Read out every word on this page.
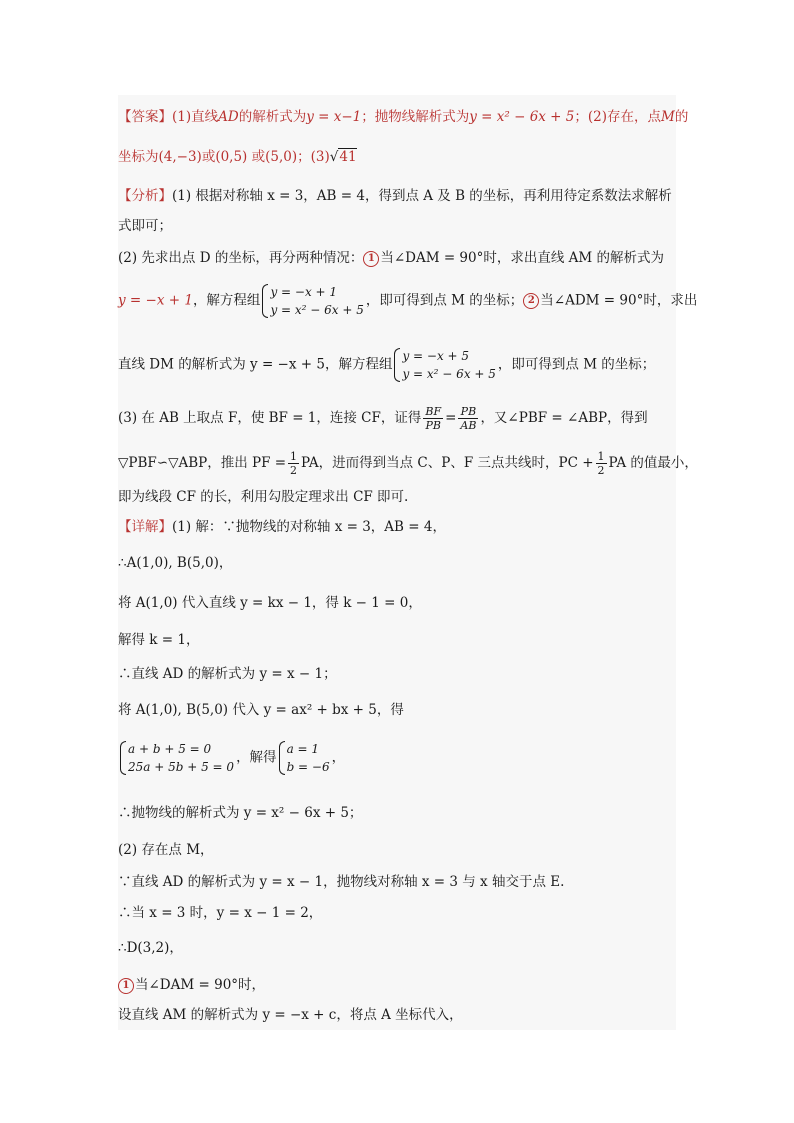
【答案】(1)直线AD的解析式为y = x−1；抛物线解析式为y = x² − 6x + 5；(2)存在，点M的
坐标为(4,−3)或(0,5) 或(5,0)；(3)√41
【分析】(1) 根据对称轴 x = 3，AB = 4，得到点 A 及 B 的坐标，再利用待定系数法求解析
式即可；
(2) 先求出点 D 的坐标，再分两种情况： 1 当∠DAM = 90°时，求出直线 AM 的解析式为
y = −x + 1，解方程组
y = −x + 1
y = x² − 6x + 5
，即可得到点 M 的坐标； 2 当∠ADM = 90°时，求出
直线 DM 的解析式为 y = −x + 5，解方程组
y = −x + 5
y = x² − 6x + 5
，即可得到点 M 的坐标；
(3) 在 AB 上取点 F，使 BF = 1，连接 CF，证得 $\frac{BF}{PB} = \frac{PB}{AB}$ ，又∠PBF = ∠ABP，得到
▽PBF∽▽ABP，推出 PF = $\frac{1}{2}$ PA，进而得到当点 C、P、F 三点共线时，PC + $\frac{1}{2}$ PA 的值最小，
即为线段 CF 的长，利用勾股定理求出 CF 即可.
【详解】(1) 解：∵抛物线的对称轴 x = 3，AB = 4，
∴A(1,0), B(5,0)，
将 A(1,0) 代入直线 y = kx − 1，得 k − 1 = 0，
解得 k = 1，
∴直线 AD 的解析式为 y = x − 1；
将 A(1,0), B(5,0) 代入 y = ax² + bx + 5，得
a + b + 5 = 0
25a + 5b + 5 = 0
，解得
a = 1
b = −6
，
∴抛物线的解析式为 y = x² − 6x + 5；
(2) 存在点 M，
∵直线 AD 的解析式为 y = x − 1，抛物线对称轴 x = 3 与 x 轴交于点 E.
∴当 x = 3 时，y = x − 1 = 2，
∴D(3,2)，
1 当∠DAM = 90°时，
设直线 AM 的解析式为 y = −x + c，将点 A 坐标代入，
